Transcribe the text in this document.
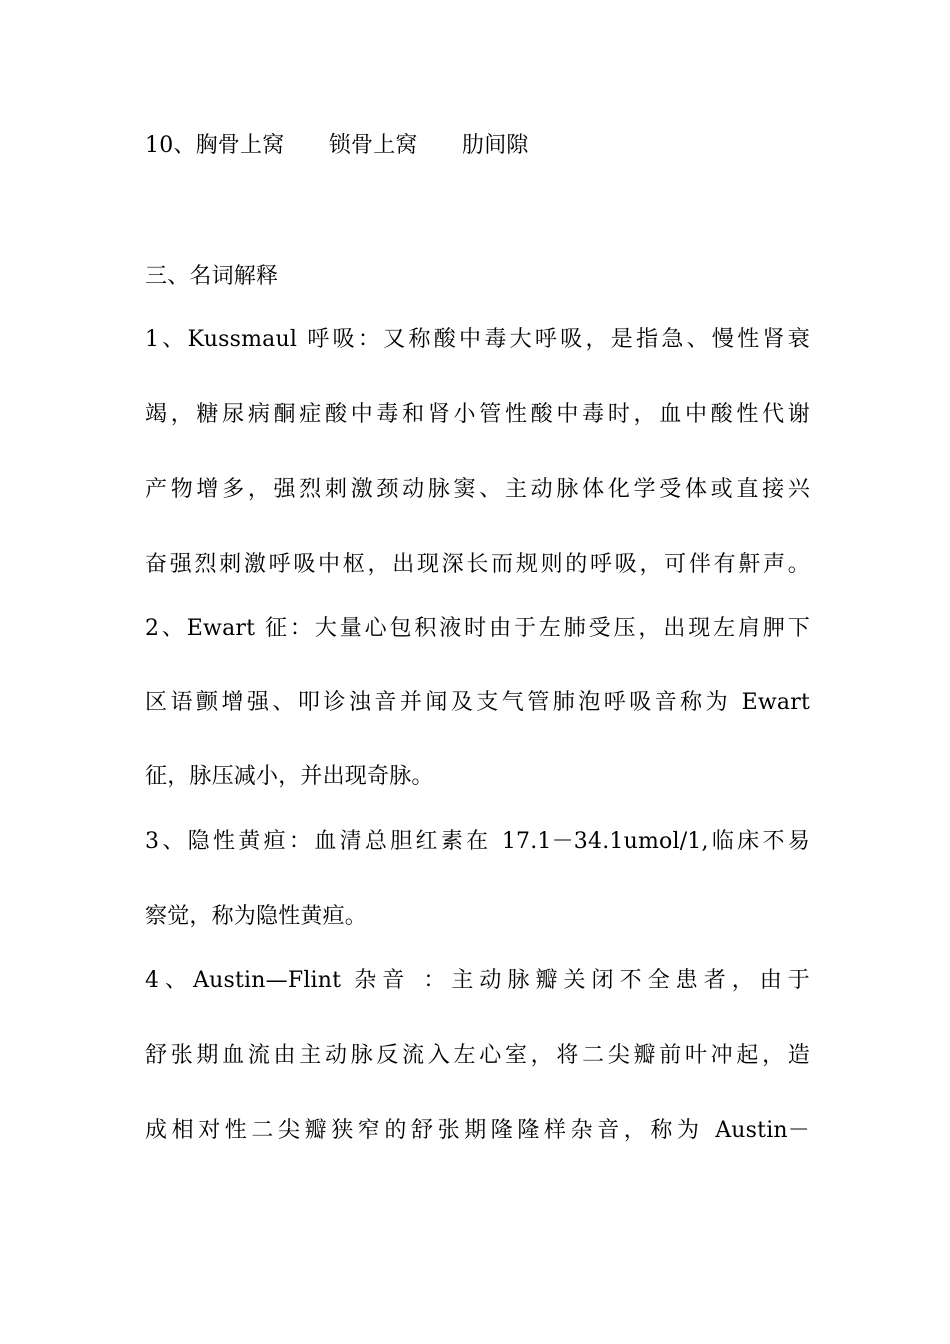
10、胸骨上窝　　锁骨上窝　　肋间隙
三、名词解释
1、Kussmaul 呼吸：又称酸中毒大呼吸，是指急、慢性肾衰
竭，糖尿病酮症酸中毒和肾小管性酸中毒时，血中酸性代谢
产物增多，强烈刺激颈动脉窦、主动脉体化学受体或直接兴
奋强烈刺激呼吸中枢，出现深长而规则的呼吸，可伴有鼾声。
2、Ewart 征：大量心包积液时由于左肺受压，出现左肩胛下
区语颤增强、叩诊浊音并闻及支气管肺泡呼吸音称为 Ewart
征，脉压减小，并出现奇脉。
3、隐性黄疸：血清总胆红素在 17.1－34.1umol/1,临床不易
察觉，称为隐性黄疸。
4、Austin—Flint 杂音 ：主动脉瓣关闭不全患者，由于
舒张期血流由主动脉反流入左心室，将二尖瓣前叶冲起，造
成相对性二尖瓣狭窄的舒张期隆隆样杂音，称为 Austin－
